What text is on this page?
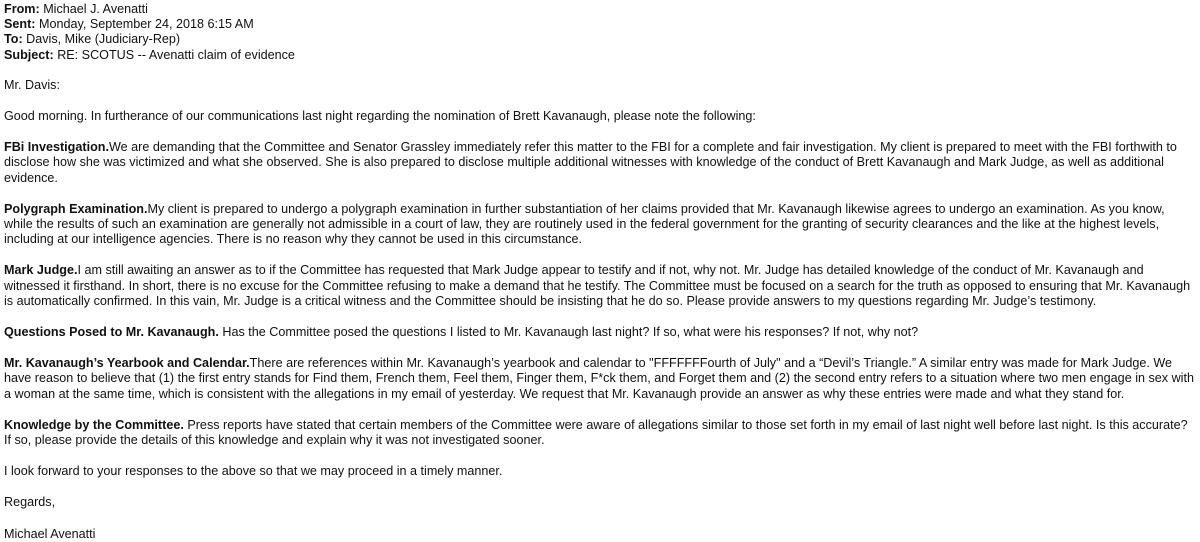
From: Michael J. Avenatti
Sent: Monday, September 24, 2018 6:15 AM
To: Davis, Mike (Judiciary-Rep)
Subject: RE: SCOTUS -- Avenatti claim of evidence
Mr. Davis:
Good morning. In furtherance of our communications last night regarding the nomination of Brett Kavanaugh, please note the following:
FBi Investigation.We are demanding that the Committee and Senator Grassley immediately refer this matter to the FBI for a complete and fair investigation. My client is prepared to meet with the FBI forthwith to disclose how she was victimized and what she observed. She is also prepared to disclose multiple additional witnesses with knowledge of the conduct of Brett Kavanaugh and Mark Judge, as well as additional evidence.
Polygraph Examination.My client is prepared to undergo a polygraph examination in further substantiation of her claims provided that Mr. Kavanaugh likewise agrees to undergo an examination. As you know, while the results of such an examination are generally not admissible in a court of law, they are routinely used in the federal government for the granting of security clearances and the like at the highest levels, including at our intelligence agencies. There is no reason why they cannot be used in this circumstance.
Mark Judge.I am still awaiting an answer as to if the Committee has requested that Mark Judge appear to testify and if not, why not. Mr. Judge has detailed knowledge of the conduct of Mr. Kavanaugh and witnessed it firsthand. In short, there is no excuse for the Committee refusing to make a demand that he testify. The Committee must be focused on a search for the truth as opposed to ensuring that Mr. Kavanaugh is automatically confirmed. In this vain, Mr. Judge is a critical witness and the Committee should be insisting that he do so. Please provide answers to my questions regarding Mr. Judge’s testimony.
Questions Posed to Mr. Kavanaugh. Has the Committee posed the questions I listed to Mr. Kavanaugh last night? If so, what were his responses? If not, why not?
Mr. Kavanaugh’s Yearbook and Calendar.There are references within Mr. Kavanaugh’s yearbook and calendar to "FFFFFFFourth of July" and a “Devil’s Triangle.” A similar entry was made for Mark Judge. We have reason to believe that (1) the first entry stands for Find them, French them, Feel them, Finger them, F*ck them, and Forget them and (2) the second entry refers to a situation where two men engage in sex with a woman at the same time, which is consistent with the allegations in my email of yesterday. We request that Mr. Kavanaugh provide an answer as why these entries were made and what they stand for.
Knowledge by the Committee. Press reports have stated that certain members of the Committee were aware of allegations similar to those set forth in my email of last night well before last night. Is this accurate? If so, please provide the details of this knowledge and explain why it was not investigated sooner.
I look forward to your responses to the above so that we may proceed in a timely manner.
Regards,
Michael Avenatti
